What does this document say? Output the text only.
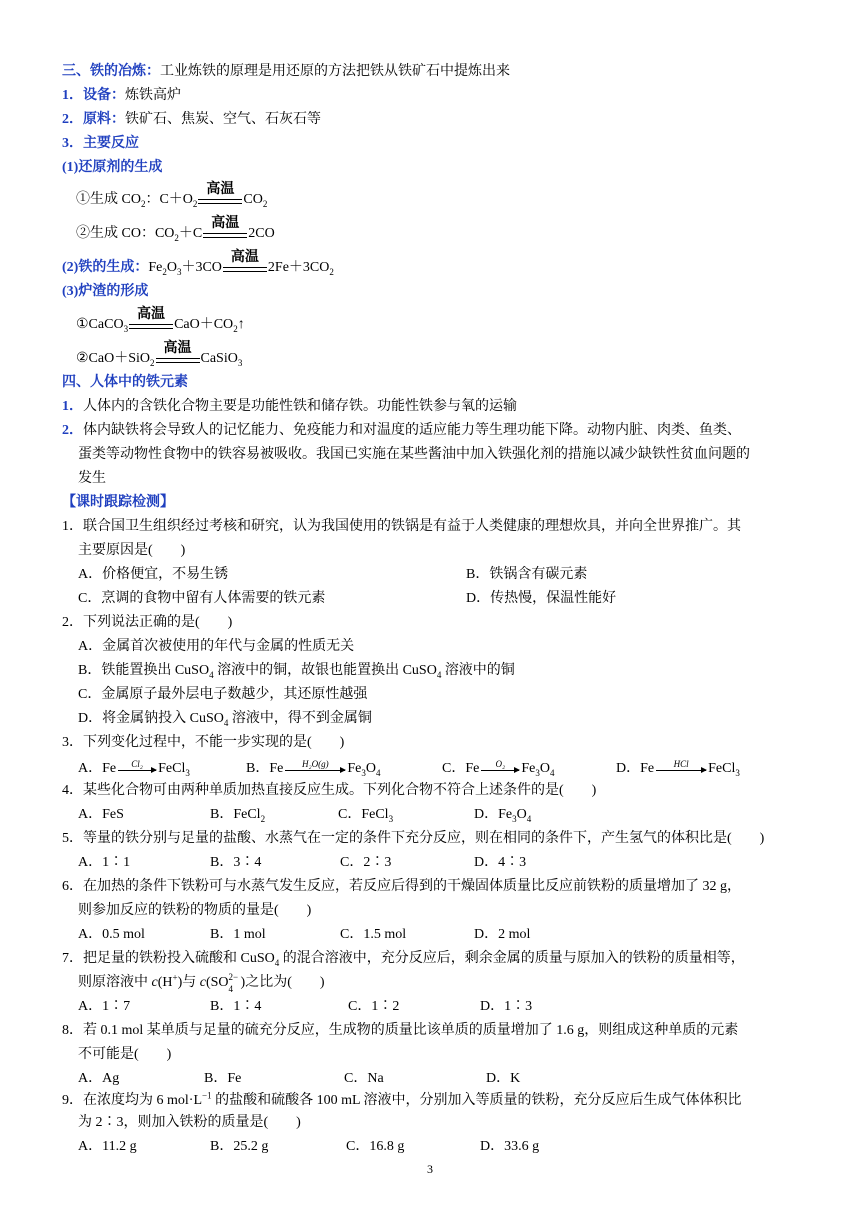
三、铁的冶炼：工业炼铁的原理是用还原的方法把铁从铁矿石中提炼出来
1．设备：炼铁高炉
2．原料：铁矿石、焦炭、空气、石灰石等
3．主要反应
(1)还原剂的生成
①生成 $CO_2$：$C+O_2$
高温
$CO_2$
②生成 CO：$CO_2+C$
高温
2CO
(2)铁的生成：$Fe_2O_3+3CO$
高温
$2Fe+3CO_2$
(3)炉渣的形成
①CaCO$_3$
高温
$CaO+CO_2↑$
②CaO＋SiO$_2$
高温
CaSiO$_3$
四、人体中的铁元素
1．人体内的含铁化合物主要是功能性铁和储存铁。功能性铁参与氧的运输
2．体内缺铁将会导致人的记忆能力、免疫能力和对温度的适应能力等生理功能下降。动物内脏、肉类、鱼类、
蛋类等动物性食物中的铁容易被吸收。我国已实施在某些酱油中加入铁强化剂的措施以减少缺铁性贫血问题的
发生
【课时跟踪检测】
1．联合国卫生组织经过考核和研究，认为我国使用的铁锅是有益于人类健康的理想炊具，并向全世界推广。其
主要原因是(　　)
A．价格便宜，不易生锈	B．铁锅含有碳元素
C．烹调的食物中留有人体需要的铁元素	D．传热慢，保温性能好
2．下列说法正确的是(　　)
A．金属首次被使用的年代与金属的性质无关
B．铁能置换出 CuSO$_4$ 溶液中的铜，故银也能置换出 CuSO$_4$ 溶液中的铜
C．金属原子最外层电子数越少，其还原性越强
D．将金属钠投入 CuSO$_4$ 溶液中，得不到金属铜
3．下列变化过程中，不能一步实现的是(　　)
A．Fe	Cl₂	FeCl$_3$	B．Fe	H₂O(g)	$Fe_3O_4$	C．Fe	O₂	$Fe_3O_4$	D．Fe	HCl	FeCl$_3$
4．某些化合物可由两种单质加热直接反应生成。下列化合物不符合上述条件的是(　　)
A．FeS	B．FeCl$_2$	C．FeCl$_3$	D．$Fe_3O_4$
5．等量的铁分别与足量的盐酸、水蒸气在一定的条件下充分反应，则在相同的条件下，产生氢气的体积比是(　　)
A．1∶1	B．3∶4	C．2∶3	D．4∶3
6．在加热的条件下铁粉可与水蒸气发生反应，若反应后得到的干燥固体质量比反应前铁粉的质量增加了 32 g，
则参加反应的铁粉的物质的量是(　　)
A．0.5 mol	B．1 mol	C．1.5 mol	D．2 mol
7．把足量的铁粉投入硫酸和 CuSO$_4$ 的混合溶液中，充分反应后，剩余金属的质量与原加入的铁粉的质量相等，
则原溶液中 c(H+)与 c(SO 2−
4 )之比为(　　)
A．1∶7	B．1∶4	C．1∶2	D．1∶3
8．若 0.1 mol 某单质与足量的硫充分反应，生成物的质量比该单质的质量增加了 1.6 g，则组成这种单质的元素
不可能是(　　)
A．Ag	B．Fe	C．Na	D．K
9．在浓度均为 6 $mol\cdot L^{-1}$ 的盐酸和硫酸各 100 mL 溶液中，分别加入等质量的铁粉，充分反应后生成气体体积比
为 2∶3，则加入铁粉的质量是(　　)
A．11.2 g	B．25.2 g	C．16.8 g	D．33.6 g
3
